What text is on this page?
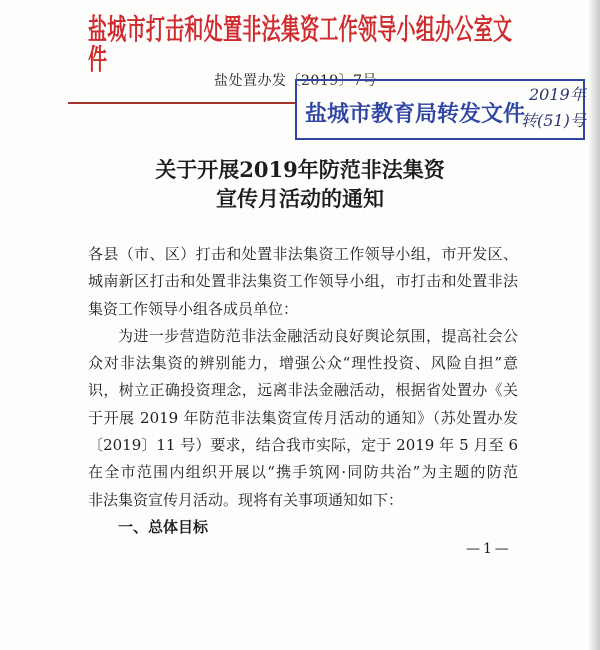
盐城市打击和处置非法集资工作领导小组办公室文件
盐处置办发〔2019〕7号
盐城市教育局转发文件
2019年
转(51)号
关于开展2019年防范非法集资
宣传月活动的通知
各县（市、区）打击和处置非法集资工作领导小组，市开发区、
城南新区打击和处置非法集资工作领导小组，市打击和处置非法
集资工作领导小组各成员单位：
为进一步营造防范非法金融活动良好舆论氛围，提高社会公
众对非法集资的辨别能力，增强公众“理性投资、风险自担”意
识，树立正确投资理念，远离非法金融活动，根据省处置办《关
于开展 2019 年防范非法集资宣传月活动的通知》（苏处置办发
〔2019〕11 号）要求，结合我市实际，定于 2019 年 5 月至 6
在全市范围内组织开展以“携手筑网·同防共治”为主题的防范
非法集资宣传月活动。现将有关事项通知如下：
一、总体目标
—1—
